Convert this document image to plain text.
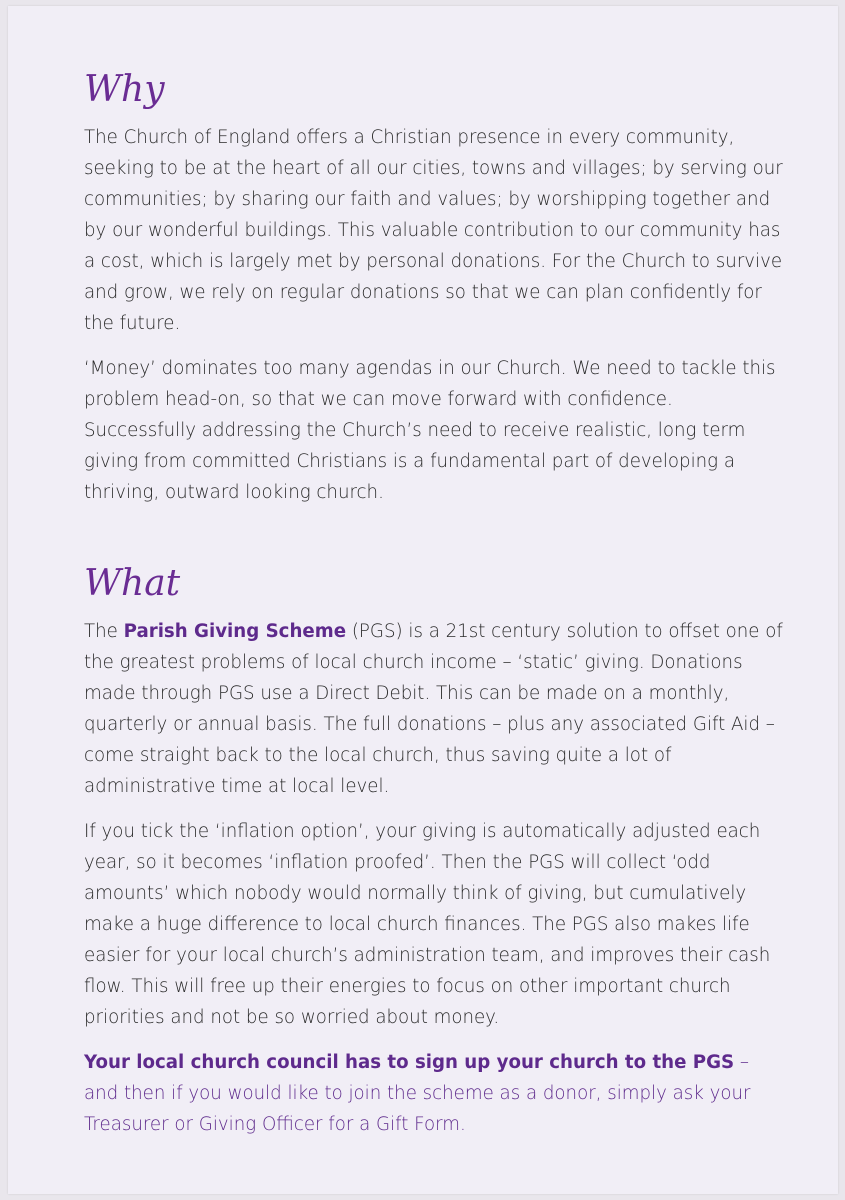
Why

The Church of England offers a Christian presence in every community, seeking to be at the heart of all our cities, towns and villages; by serving our communities; by sharing our faith and values; by worshipping together and by our wonderful buildings. This valuable contribution to our community has a cost, which is largely met by personal donations. For the Church to survive and grow, we rely on regular donations so that we can plan confidently for the future.

‘Money’ dominates too many agendas in our Church. We need to tackle this problem head-on, so that we can move forward with confidence. Successfully addressing the Church’s need to receive realistic, long term giving from committed Christians is a fundamental part of developing a thriving, outward looking church.

What

The Parish Giving Scheme (PGS) is a 21st century solution to offset one of the greatest problems of local church income – ‘static’ giving. Donations made through PGS use a Direct Debit. This can be made on a monthly, quarterly or annual basis. The full donations – plus any associated Gift Aid – come straight back to the local church, thus saving quite a lot of administrative time at local level.

If you tick the ‘inflation option’, your giving is automatically adjusted each year, so it becomes ‘inflation proofed’. Then the PGS will collect ‘odd amounts’ which nobody would normally think of giving, but cumulatively make a huge difference to local church finances. The PGS also makes life easier for your local church’s administration team, and improves their cash flow. This will free up their energies to focus on other important church priorities and not be so worried about money.

Your local church council has to sign up your church to the PGS – and then if you would like to join the scheme as a donor, simply ask your Treasurer or Giving Officer for a Gift Form.
